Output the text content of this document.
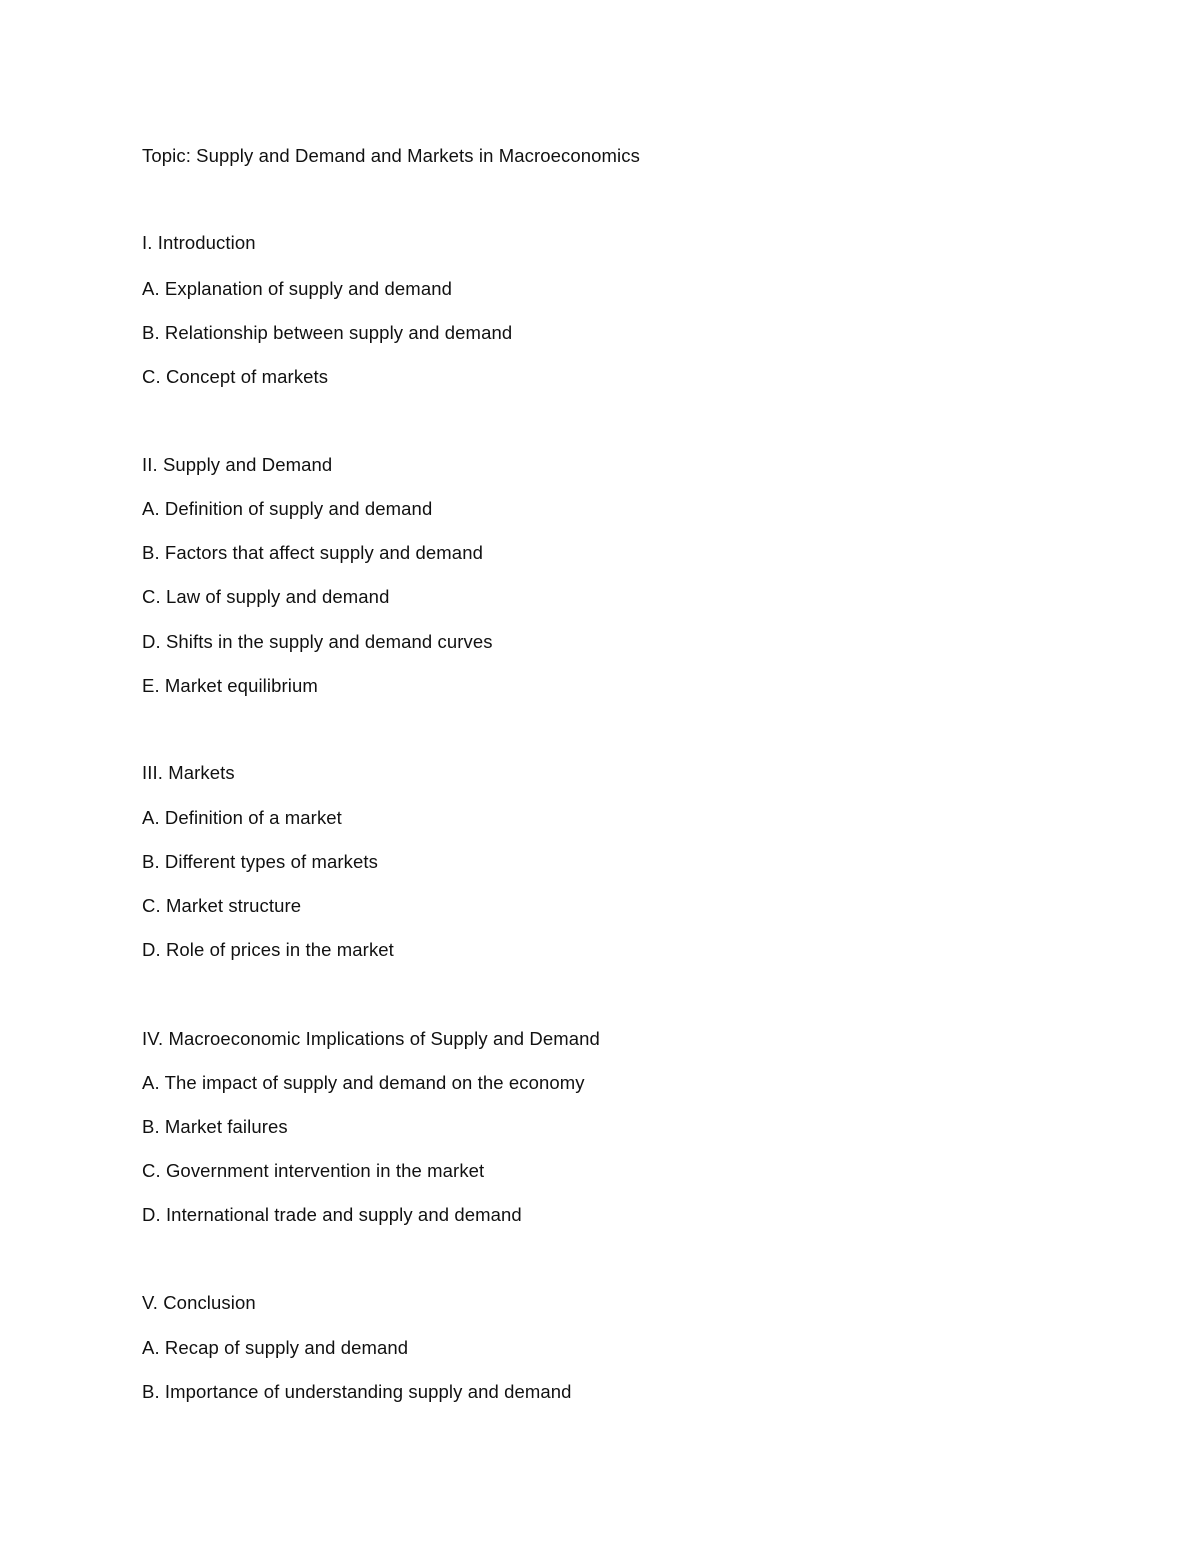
Topic: Supply and Demand and Markets in Macroeconomics
I. Introduction
A. Explanation of supply and demand
B. Relationship between supply and demand
C. Concept of markets
II. Supply and Demand
A. Definition of supply and demand
B. Factors that affect supply and demand
C. Law of supply and demand
D. Shifts in the supply and demand curves
E. Market equilibrium
III. Markets
A. Definition of a market
B. Different types of markets
C. Market structure
D. Role of prices in the market
IV. Macroeconomic Implications of Supply and Demand
A. The impact of supply and demand on the economy
B. Market failures
C. Government intervention in the market
D. International trade and supply and demand
V. Conclusion
A. Recap of supply and demand
B. Importance of understanding supply and demand
